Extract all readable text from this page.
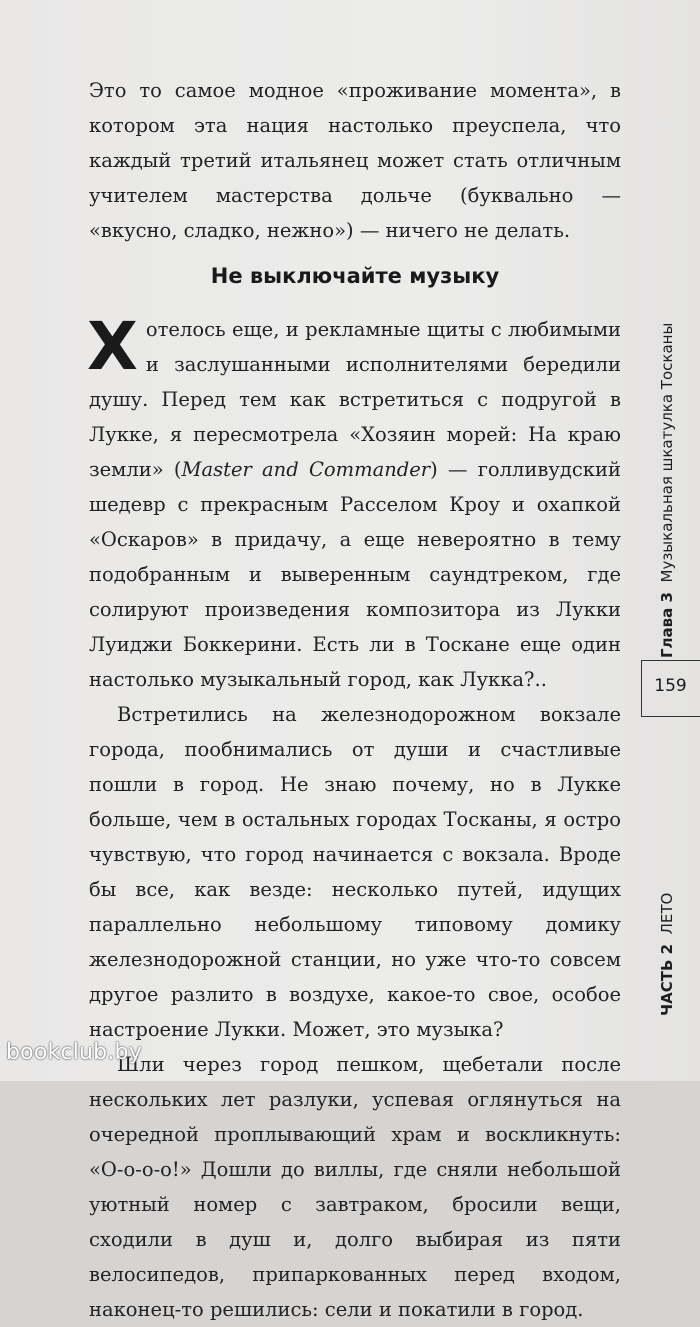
Это то самое модное «проживание момента», в котором эта нация настолько преуспела, что каждый третий итальянец может стать отличным учителем мастерства дольче (буквально — «вкусно, сладко, нежно») — ничего не делать.
Не выключайте музыку

Хотелось еще, и рекламные щиты с любимыми и заслушанными исполнителями бередили душу. Перед тем как встретиться с подругой в Лукке, я пересмотрела «Хозяин морей: На краю земли» (Master and Commander) — голливудский шедевр с прекрасным Расселом Кроу и охапкой «Оскаров» в придачу, а еще невероятно в тему подобранным и выверенным саундтреком, где солируют произведения композитора из Лукки Луиджи Боккерини. Есть ли в Тоскане еще один настолько музыкальный город, как Лукка?..

Встретились на железнодорожном вокзале города, пообнимались от души и счастливые пошли в город. Не знаю почему, но в Лукке больше, чем в остальных городах Тосканы, я остро чувствую, что город начинается с вокзала. Вроде бы все, как везде: несколько путей, идущих параллельно небольшому типовому домику железнодорожной станции, но уже что-то совсем другое разлито в воздухе, какое-то свое, особое настроение Лукки. Может, это музыка?

Шли через город пешком, щебетали после нескольких лет разлуки, успевая оглянуться на очередной проплывающий храм и воскликнуть: «О-о-о-о!» Дошли до виллы, где сняли небольшой уютный номер с завтраком, бросили вещи, сходили в душ и, долго выбирая из пяти велосипедов, припаркованных перед входом, наконец-то решились: сели и покатили в город.

Глава 3  Музыкальная шкатулка Тосканы
159
ЧАСТЬ 2  ЛЕТО
bookclub.by
